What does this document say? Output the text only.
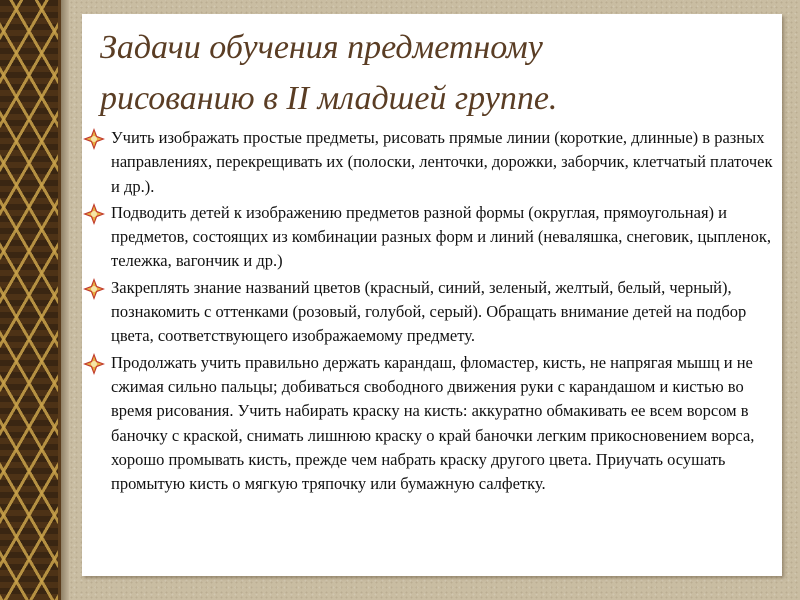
Задачи обучения предметному
рисованию в II младшей группе.
Учить изображать простые предметы, рисовать прямые линии (короткие, длинные) в разных направлениях, перекрещивать их (полоски, ленточки, дорожки, заборчик, клетчатый платочек и др.).
Подводить детей к изображению предметов разной формы (округлая, прямоугольная) и предметов, состоящих из комбинации разных форм и линий (неваляшка, снеговик, цыпленок, тележка, вагончик и др.)
Закреплять знание названий цветов (красный, синий, зеленый, желтый, белый, черный), познакомить с оттенками (розовый, голубой, серый). Обращать внимание детей на подбор цвета, соответствующего изображаемому предмету.
Продолжать учить правильно держать карандаш, фломастер, кисть, не напрягая мышц и не сжимая сильно пальцы; добиваться свободного движения руки с карандашом и кистью во время рисования. Учить набирать краску на кисть: аккуратно обмакивать ее всем ворсом в баночку с краской, снимать лишнюю краску о край баночки легким прикосновением ворса, хорошо промывать кисть, прежде чем набрать краску другого цвета. Приучать осушать промытую кисть о мягкую тряпочку или бумажную салфетку.
